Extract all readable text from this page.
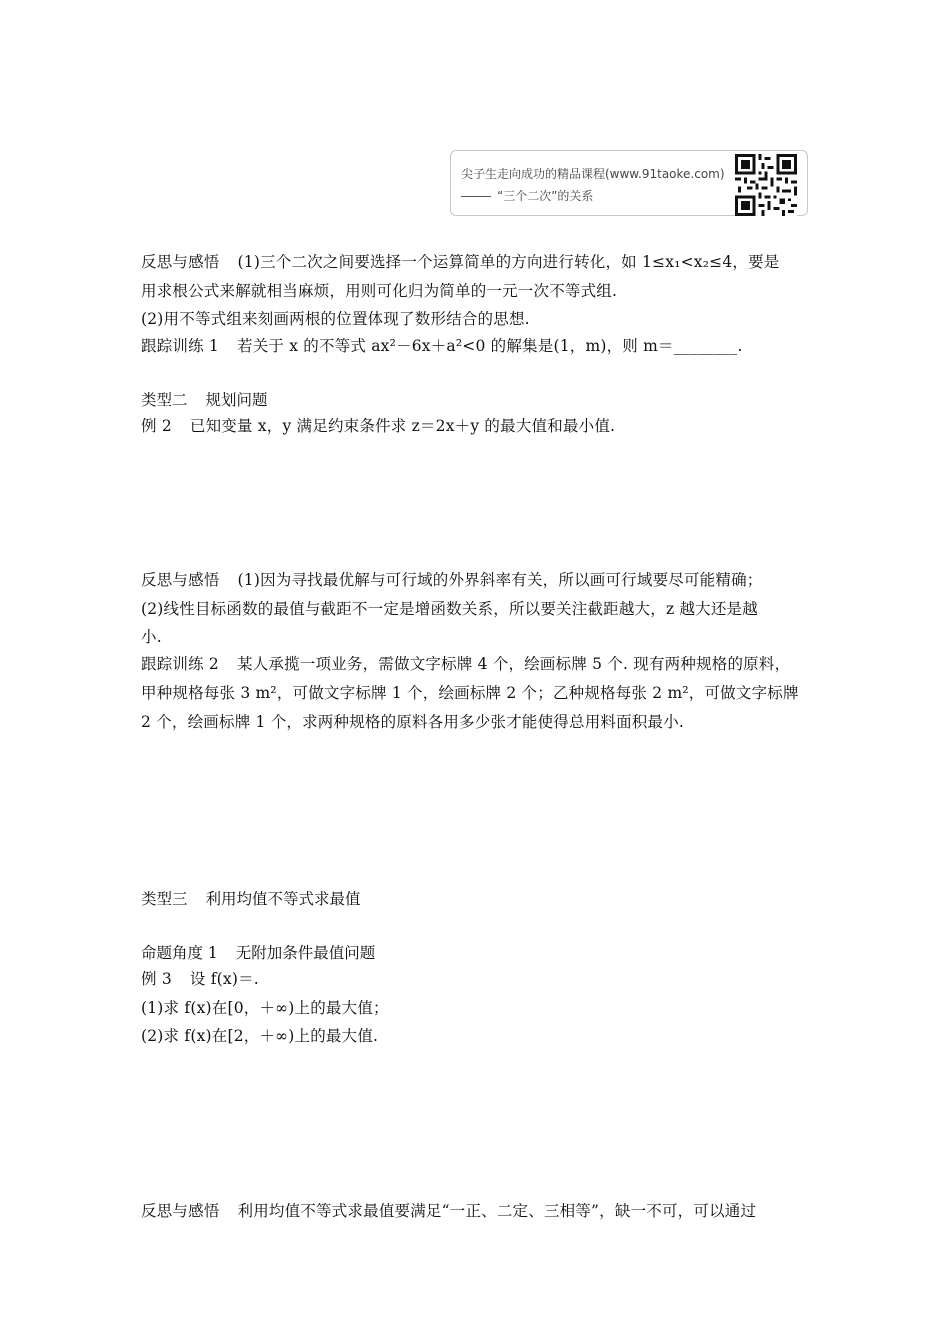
尖子生走向成功的精品课程(www.91taoke.com)
“三个二次”的关系
反思与感悟 (1)三个二次之间要选择一个运算简单的方向进行转化，如 1≤x₁<x₂≤4，要是
用求根公式来解就相当麻烦，用则可化归为简单的一元一次不等式组.
(2)用不等式组来刻画两根的位置体现了数形结合的思想.
跟踪训练 1 若关于 x 的不等式 ax²－6x＋a²<0 的解集是(1，m)，则 m＝________.
类型二 规划问题
例 2 已知变量 x，y 满足约束条件求 z＝2x＋y 的最大值和最小值.
反思与感悟 (1)因为寻找最优解与可行域的外界斜率有关，所以画可行域要尽可能精确；
(2)线性目标函数的最值与截距不一定是增函数关系，所以要关注截距越大，z 越大还是越
小.
跟踪训练 2 某人承揽一项业务，需做文字标牌 4 个，绘画标牌 5 个. 现有两种规格的原料，
甲种规格每张 3 m²，可做文字标牌 1 个，绘画标牌 2 个；乙种规格每张 2 m²，可做文字标牌
2 个，绘画标牌 1 个，求两种规格的原料各用多少张才能使得总用料面积最小.
类型三 利用均值不等式求最值
命题角度 1 无附加条件最值问题
例 3 设 f(x)＝.
(1)求 f(x)在[0，＋∞)上的最大值；
(2)求 f(x)在[2，＋∞)上的最大值.
反思与感悟 利用均值不等式求最值要满足“一正、二定、三相等”，缺一不可，可以通过
